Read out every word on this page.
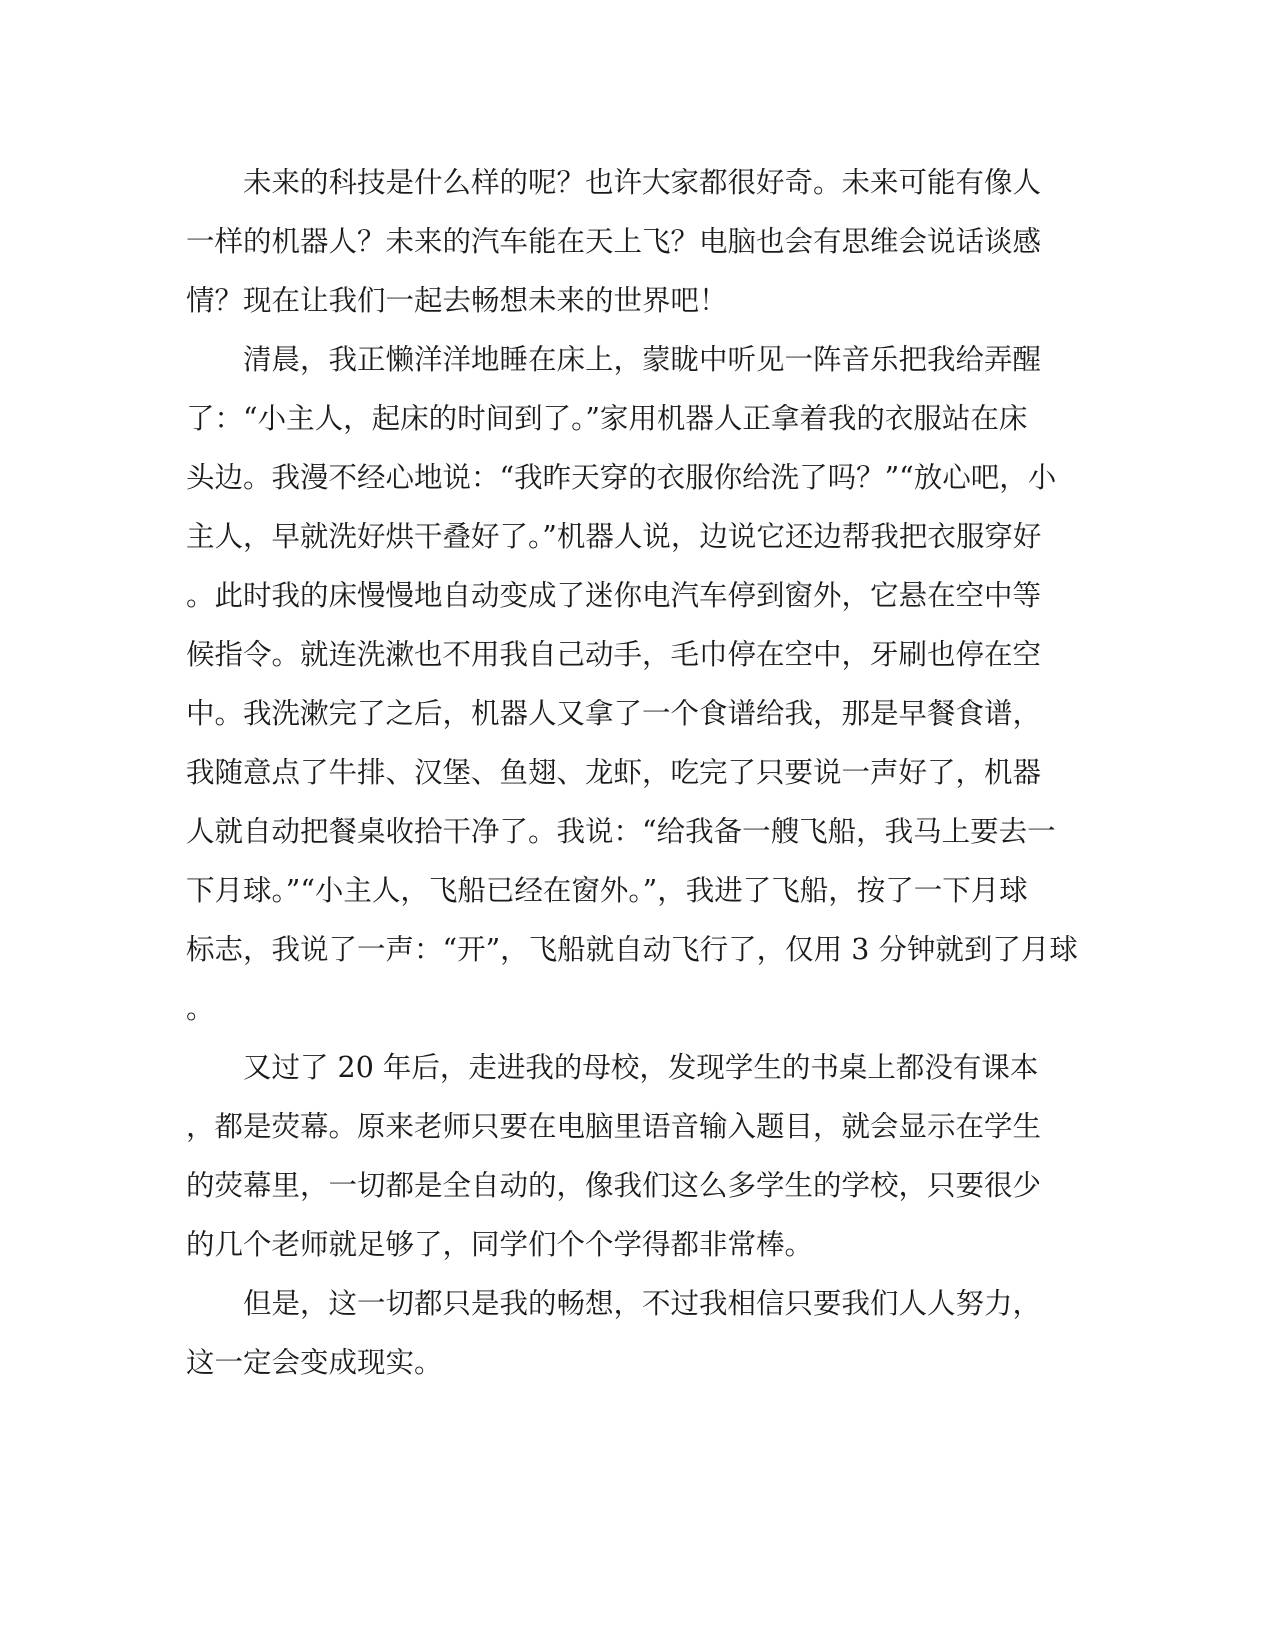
　　未来的科技是什么样的呢？也许大家都很好奇。未来可能有像人

一样的机器人？未来的汽车能在天上飞？电脑也会有思维会说话谈感

情？现在让我们一起去畅想未来的世界吧！

　　清晨，我正懒洋洋地睡在床上，蒙眬中听见一阵音乐把我给弄醒

了：“小主人，起床的时间到了。”家用机器人正拿着我的衣服站在床

头边。我漫不经心地说：“我昨天穿的衣服你给洗了吗？”“放心吧，小

主人，早就洗好烘干叠好了。”机器人说，边说它还边帮我把衣服穿好

。此时我的床慢慢地自动变成了迷你电汽车停到窗外，它悬在空中等

候指令。就连洗漱也不用我自己动手，毛巾停在空中，牙刷也停在空

中。我洗漱完了之后，机器人又拿了一个食谱给我，那是早餐食谱，

我随意点了牛排、汉堡、鱼翅、龙虾，吃完了只要说一声好了，机器

人就自动把餐桌收拾干净了。我说：“给我备一艘飞船，我马上要去一

下月球。”“小主人，飞船已经在窗外。”，我进了飞船，按了一下月球

标志，我说了一声：“开”，飞船就自动飞行了，仅用 3 分钟就到了月球

。

　　又过了 20 年后，走进我的母校，发现学生的书桌上都没有课本

，都是荧幕。原来老师只要在电脑里语音输入题目，就会显示在学生

的荧幕里，一切都是全自动的，像我们这么多学生的学校，只要很少

的几个老师就足够了，同学们个个学得都非常棒。

　　但是，这一切都只是我的畅想，不过我相信只要我们人人努力，

这一定会变成现实。
